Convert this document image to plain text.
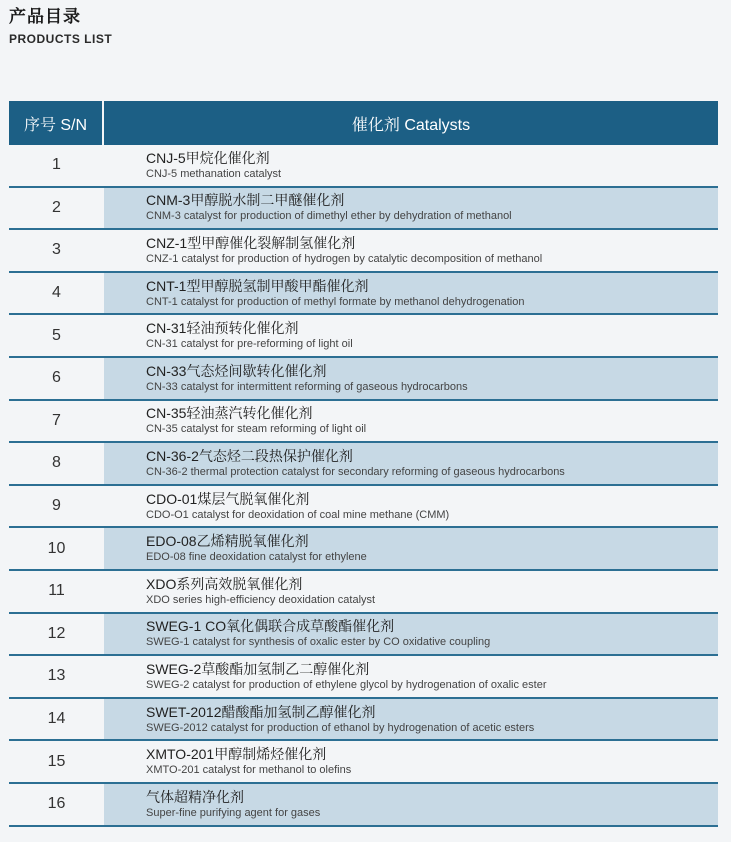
产品目录
PRODUCTS LIST
序号 S/N	催化剂 Catalysts
1	CNJ-5甲烷化催化剂
CNJ-5 methanation catalyst
2	CNM-3甲醇脱水制二甲醚催化剂
CNM-3 catalyst for production of dimethyl ether by dehydration of methanol
3	CNZ-1型甲醇催化裂解制氢催化剂
CNZ-1 catalyst for production of hydrogen by catalytic decomposition of methanol
4	CNT-1型甲醇脱氢制甲酸甲酯催化剂
CNT-1 catalyst for production of methyl formate by methanol dehydrogenation
5	CN-31轻油预转化催化剂
CN-31 catalyst for pre-reforming of light oil
6	CN-33气态烃间歇转化催化剂
CN-33 catalyst for intermittent reforming of gaseous hydrocarbons
7	CN-35轻油蒸汽转化催化剂
CN-35 catalyst for steam reforming of light oil
8	CN-36-2气态烃二段热保护催化剂
CN-36-2 thermal protection catalyst for secondary reforming of gaseous hydrocarbons
9	CDO-01煤层气脱氧催化剂
CDO-O1 catalyst for deoxidation of coal mine methane (CMM)
10	EDO-08乙烯精脱氧催化剂
EDO-08 fine deoxidation catalyst for ethylene
11	XDO系列高效脱氧催化剂
XDO series high-efficiency deoxidation catalyst
12	SWEG-1 CO氧化偶联合成草酸酯催化剂
SWEG-1 catalyst for synthesis of oxalic ester by CO oxidative coupling
13	SWEG-2草酸酯加氢制乙二醇催化剂
SWEG-2 catalyst for production of ethylene glycol by hydrogenation of oxalic ester
14	SWET-2012醋酸酯加氢制乙醇催化剂
SWEG-2012 catalyst for production of ethanol by hydrogenation of acetic esters
15	XMTO-201甲醇制烯烃催化剂
XMTO-201 catalyst for methanol to olefins
16	气体超精净化剂
Super-fine purifying agent for gases
